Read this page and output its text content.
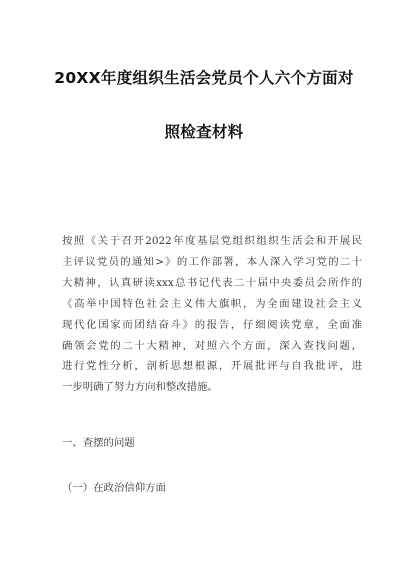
20XX年度组织生活会党员个人六个方面对
照检查材料
按照《关于召开2022年度基层党组织组织生活会和开展民
主评议党员的通知>》的工作部署，本人深入学习党的二十
大精神，认真研读xxx总书记代表二十届中央委员会所作的
《高举中国特色社会主义伟大旗帜，为全面建设社会主义
现代化国家而团结奋斗》的报告，仔细阅读党章，全面准
确领会党的二十大精神，对照六个方面，深入查找问题，
进行党性分析，剖析思想根源，开展批评与自我批评，进
一步明确了努力方向和整改措施。
一、查摆的问题
（一）在政治信仰方面
